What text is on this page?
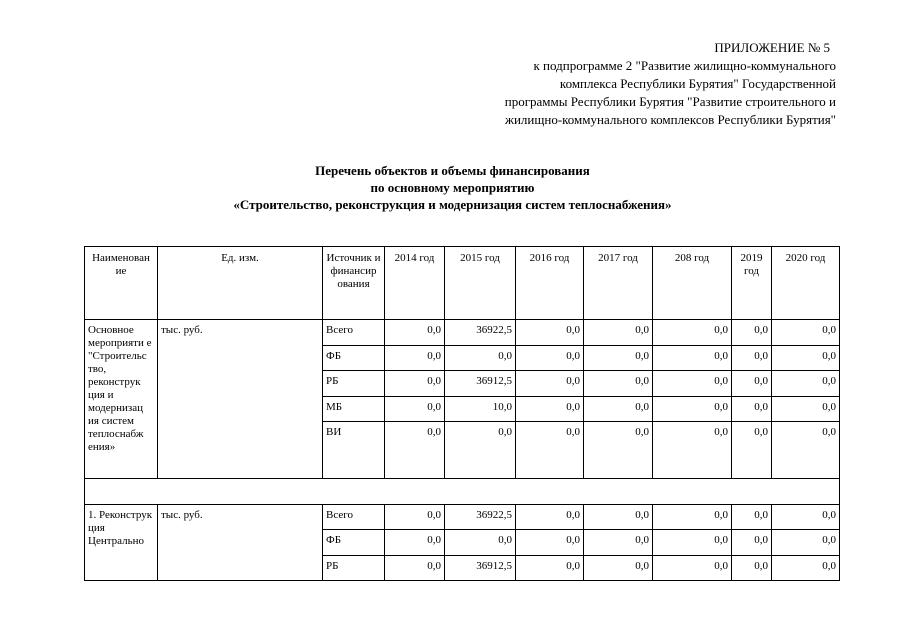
ПРИЛОЖЕНИЕ № 5
к подпрограмме 2 "Развитие жилищно-коммунального
комплекса Республики Бурятия" Государственной
программы Республики Бурятия "Развитие строительного и
жилищно-коммунального комплексов Республики Бурятия"
Перечень объектов и объемы финансирования
по основному мероприятию
«Строительство, реконструкция и модернизация систем теплоснабжения»
Наименован ие	Ед. изм.	Источник и финансир ования	2014 год	2015 год	2016 год	2017 год	208 год	2019 год	2020 год
Основное мероприяти е "Строительс тво, реконструк ция и модернизац ия систем теплоснабж ения»	тыс. руб.	Всего	0,0	36922,5	0,0	0,0	0,0	0,0	0,0
		ФБ	0,0	0,0	0,0	0,0	0,0	0,0	0,0
		РБ	0,0	36912,5	0,0	0,0	0,0	0,0	0,0
		МБ	0,0	10,0	0,0	0,0	0,0	0,0	0,0
		ВИ	0,0	0,0	0,0	0,0	0,0	0,0	0,0

1. Реконструк ция Центрально	тыс. руб.	Всего	0,0	36922,5	0,0	0,0	0,0	0,0	0,0
		ФБ	0,0	0,0	0,0	0,0	0,0	0,0	0,0
		РБ	0,0	36912,5	0,0	0,0	0,0	0,0	0,0
